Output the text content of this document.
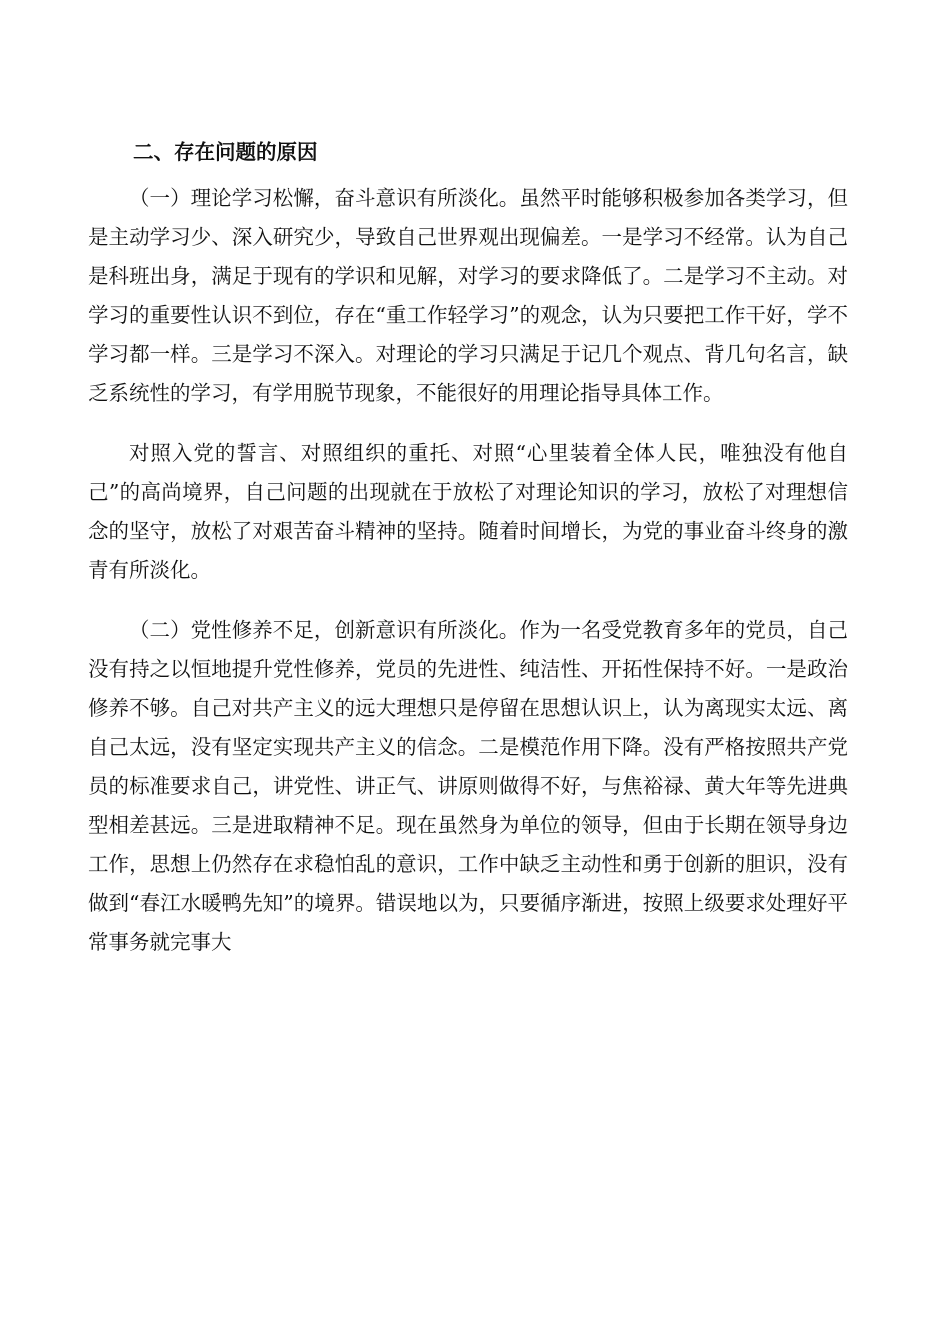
二、存在问题的原因

（一）理论学习松懈，奋斗意识有所淡化。虽然平时能够积极参加各类学习，但是主动学习少、深入研究少，导致自己世界观出现偏差。一是学习不经常。认为自己是科班出身，满足于现有的学识和见解，对学习的要求降低了。二是学习不主动。对学习的重要性认识不到位，存在“重工作轻学习”的观念，认为只要把工作干好，学不学习都一样。三是学习不深入。对理论的学习只满足于记几个观点、背几句名言，缺乏系统性的学习，有学用脱节现象，不能很好的用理论指导具体工作。

对照入党的誓言、对照组织的重托、对照“心里装着全体人民，唯独没有他自己”的高尚境界，自己问题的出现就在于放松了对理论知识的学习，放松了对理想信念的坚守，放松了对艰苦奋斗精神的坚持。随着时间增长，为党的事业奋斗终身的激青有所淡化。

（二）党性修养不足，创新意识有所淡化。作为一名受党教育多年的党员，自己没有持之以恒地提升党性修养，党员的先进性、纯洁性、开拓性保持不好。一是政治修养不够。自己对共产主义的远大理想只是停留在思想认识上，认为离现实太远、离自己太远，没有坚定实现共产主义的信念。二是模范作用下降。没有严格按照共产党员的标准要求自己，讲党性、讲正气、讲原则做得不好，与焦裕禄、黄大年等先进典型相差甚远。三是进取精神不足。现在虽然身为单位的领导，但由于长期在领导身边工作，思想上仍然存在求稳怕乱的意识，工作中缺乏主动性和勇于创新的胆识，没有做到“春江水暖鸭先知”的境界。错误地以为，只要循序渐进，按照上级要求处理好平常事务就完事大
